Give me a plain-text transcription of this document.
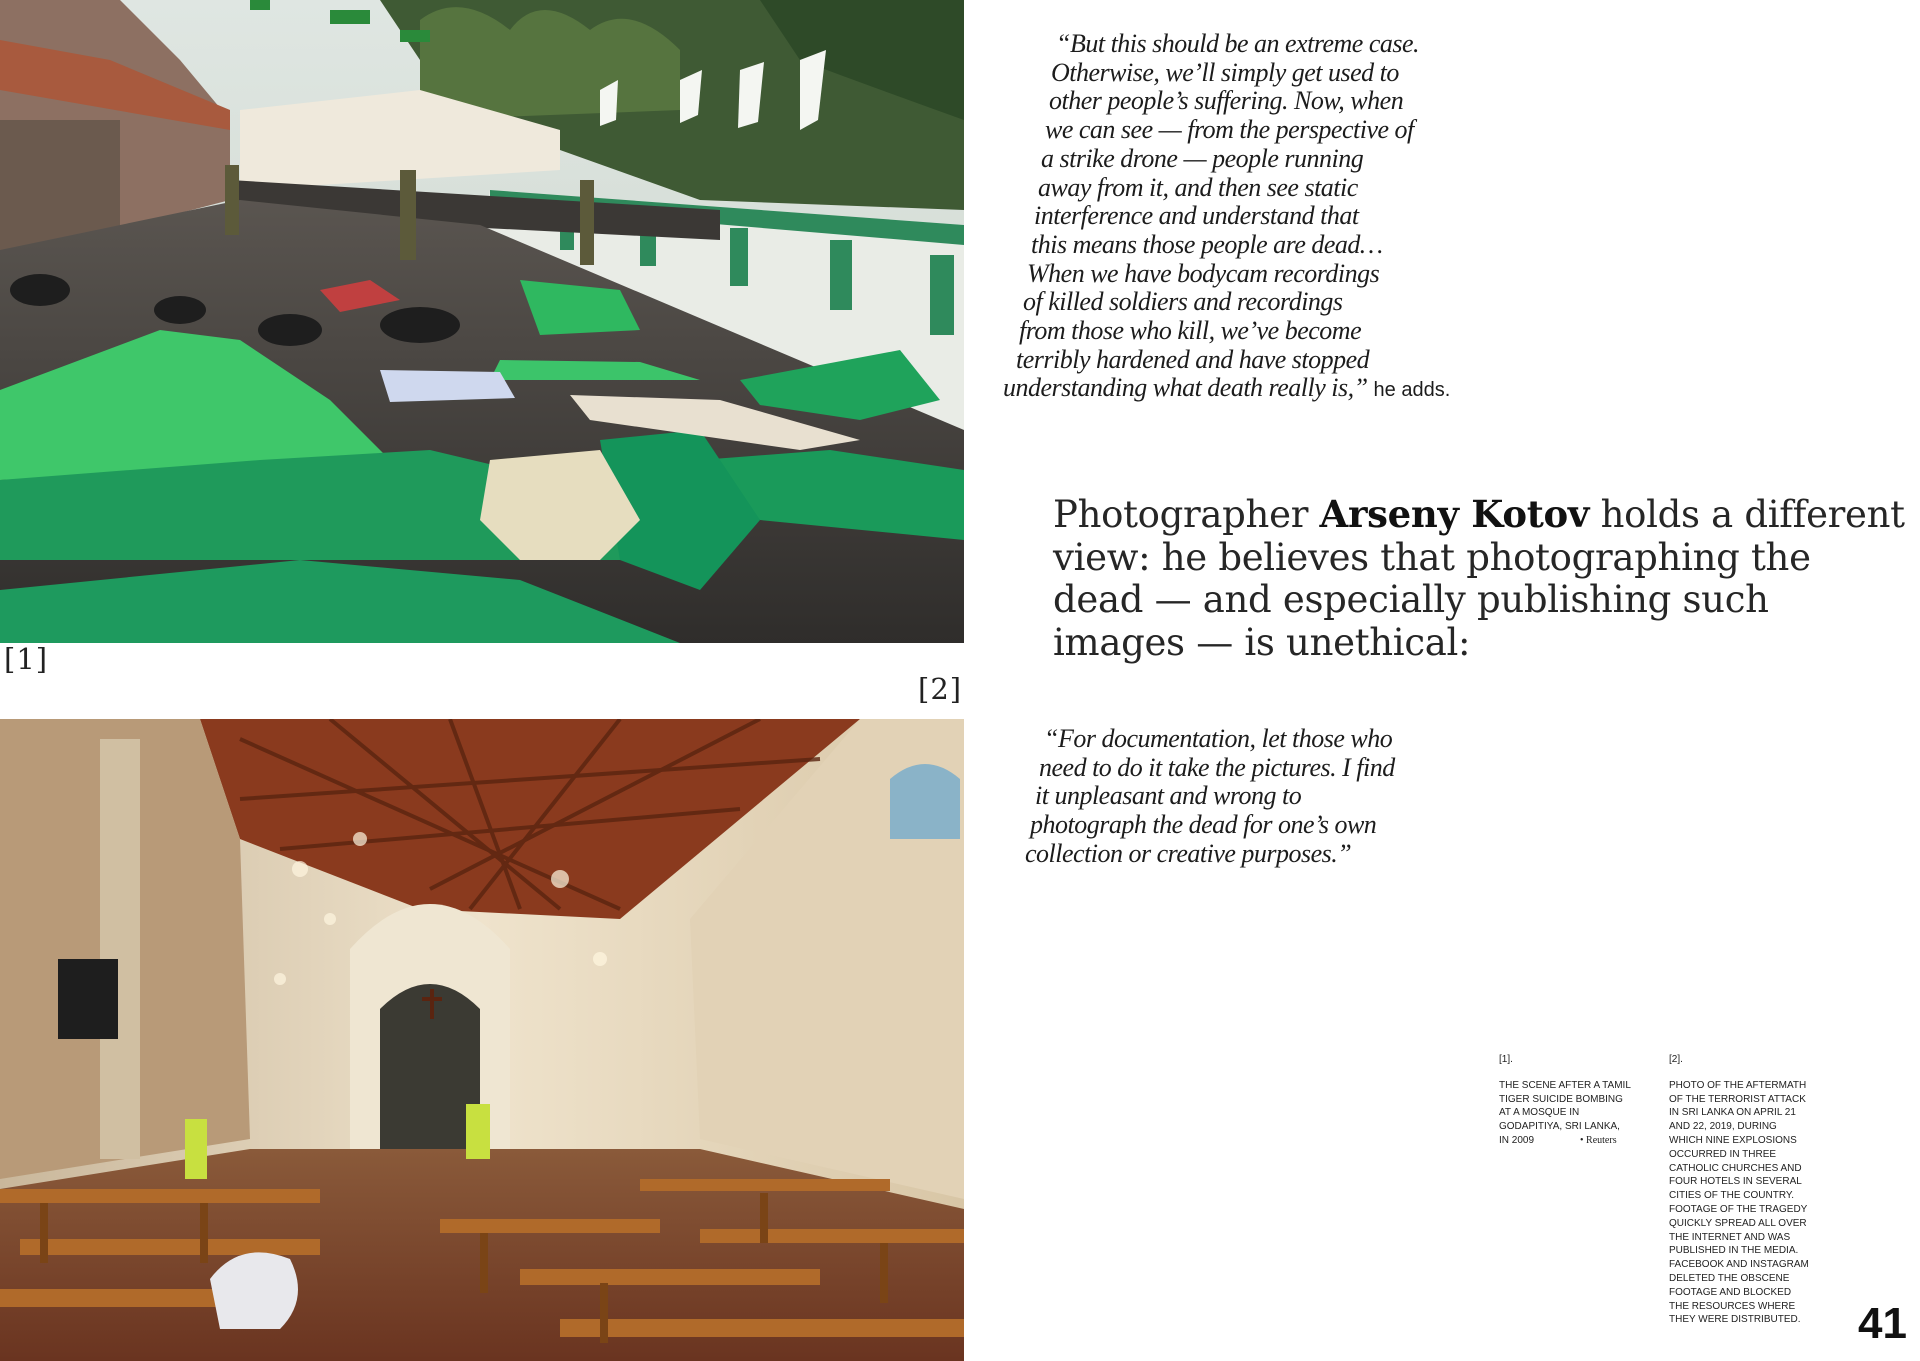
[1]
[2]

“But this should be an extreme case.
Otherwise, we’ll simply get used to
other people’s suffering. Now, when
we can see — from the perspective of
a strike drone — people running
away from it, and then see static
interference and understand that
this means those people are dead…
When we have bodycam recordings
of killed soldiers and recordings
from those who kill, we’ve become
terribly hardened and have stopped
understanding what death really is,” he adds.

Photographer Arseny Kotov holds a different
view: he believes that photographing the
dead — and especially publishing such
images — is unethical:

“For documentation, let those who
need to do it take the pictures. I find
it unpleasant and wrong to
photograph the dead for one’s own
collection or creative purposes.”

[1].
THE SCENE AFTER A TAMIL
TIGER SUICIDE BOMBING
AT A MOSQUE IN
GODAPITIYA, SRI LANKA,
IN 2009	• Reuters
[2].
PHOTO OF THE AFTERMATH
OF THE TERRORIST ATTACK
IN SRI LANKA ON APRIL 21
AND 22, 2019, DURING
WHICH NINE EXPLOSIONS
OCCURRED IN THREE
CATHOLIC CHURCHES AND
FOUR HOTELS IN SEVERAL
CITIES OF THE COUNTRY.
FOOTAGE OF THE TRAGEDY
QUICKLY SPREAD ALL OVER
THE INTERNET AND WAS
PUBLISHED IN THE MEDIA.
FACEBOOK AND INSTAGRAM
DELETED THE OBSCENE
FOOTAGE AND BLOCKED
THE RESOURCES WHERE
THEY WERE DISTRIBUTED.	41
